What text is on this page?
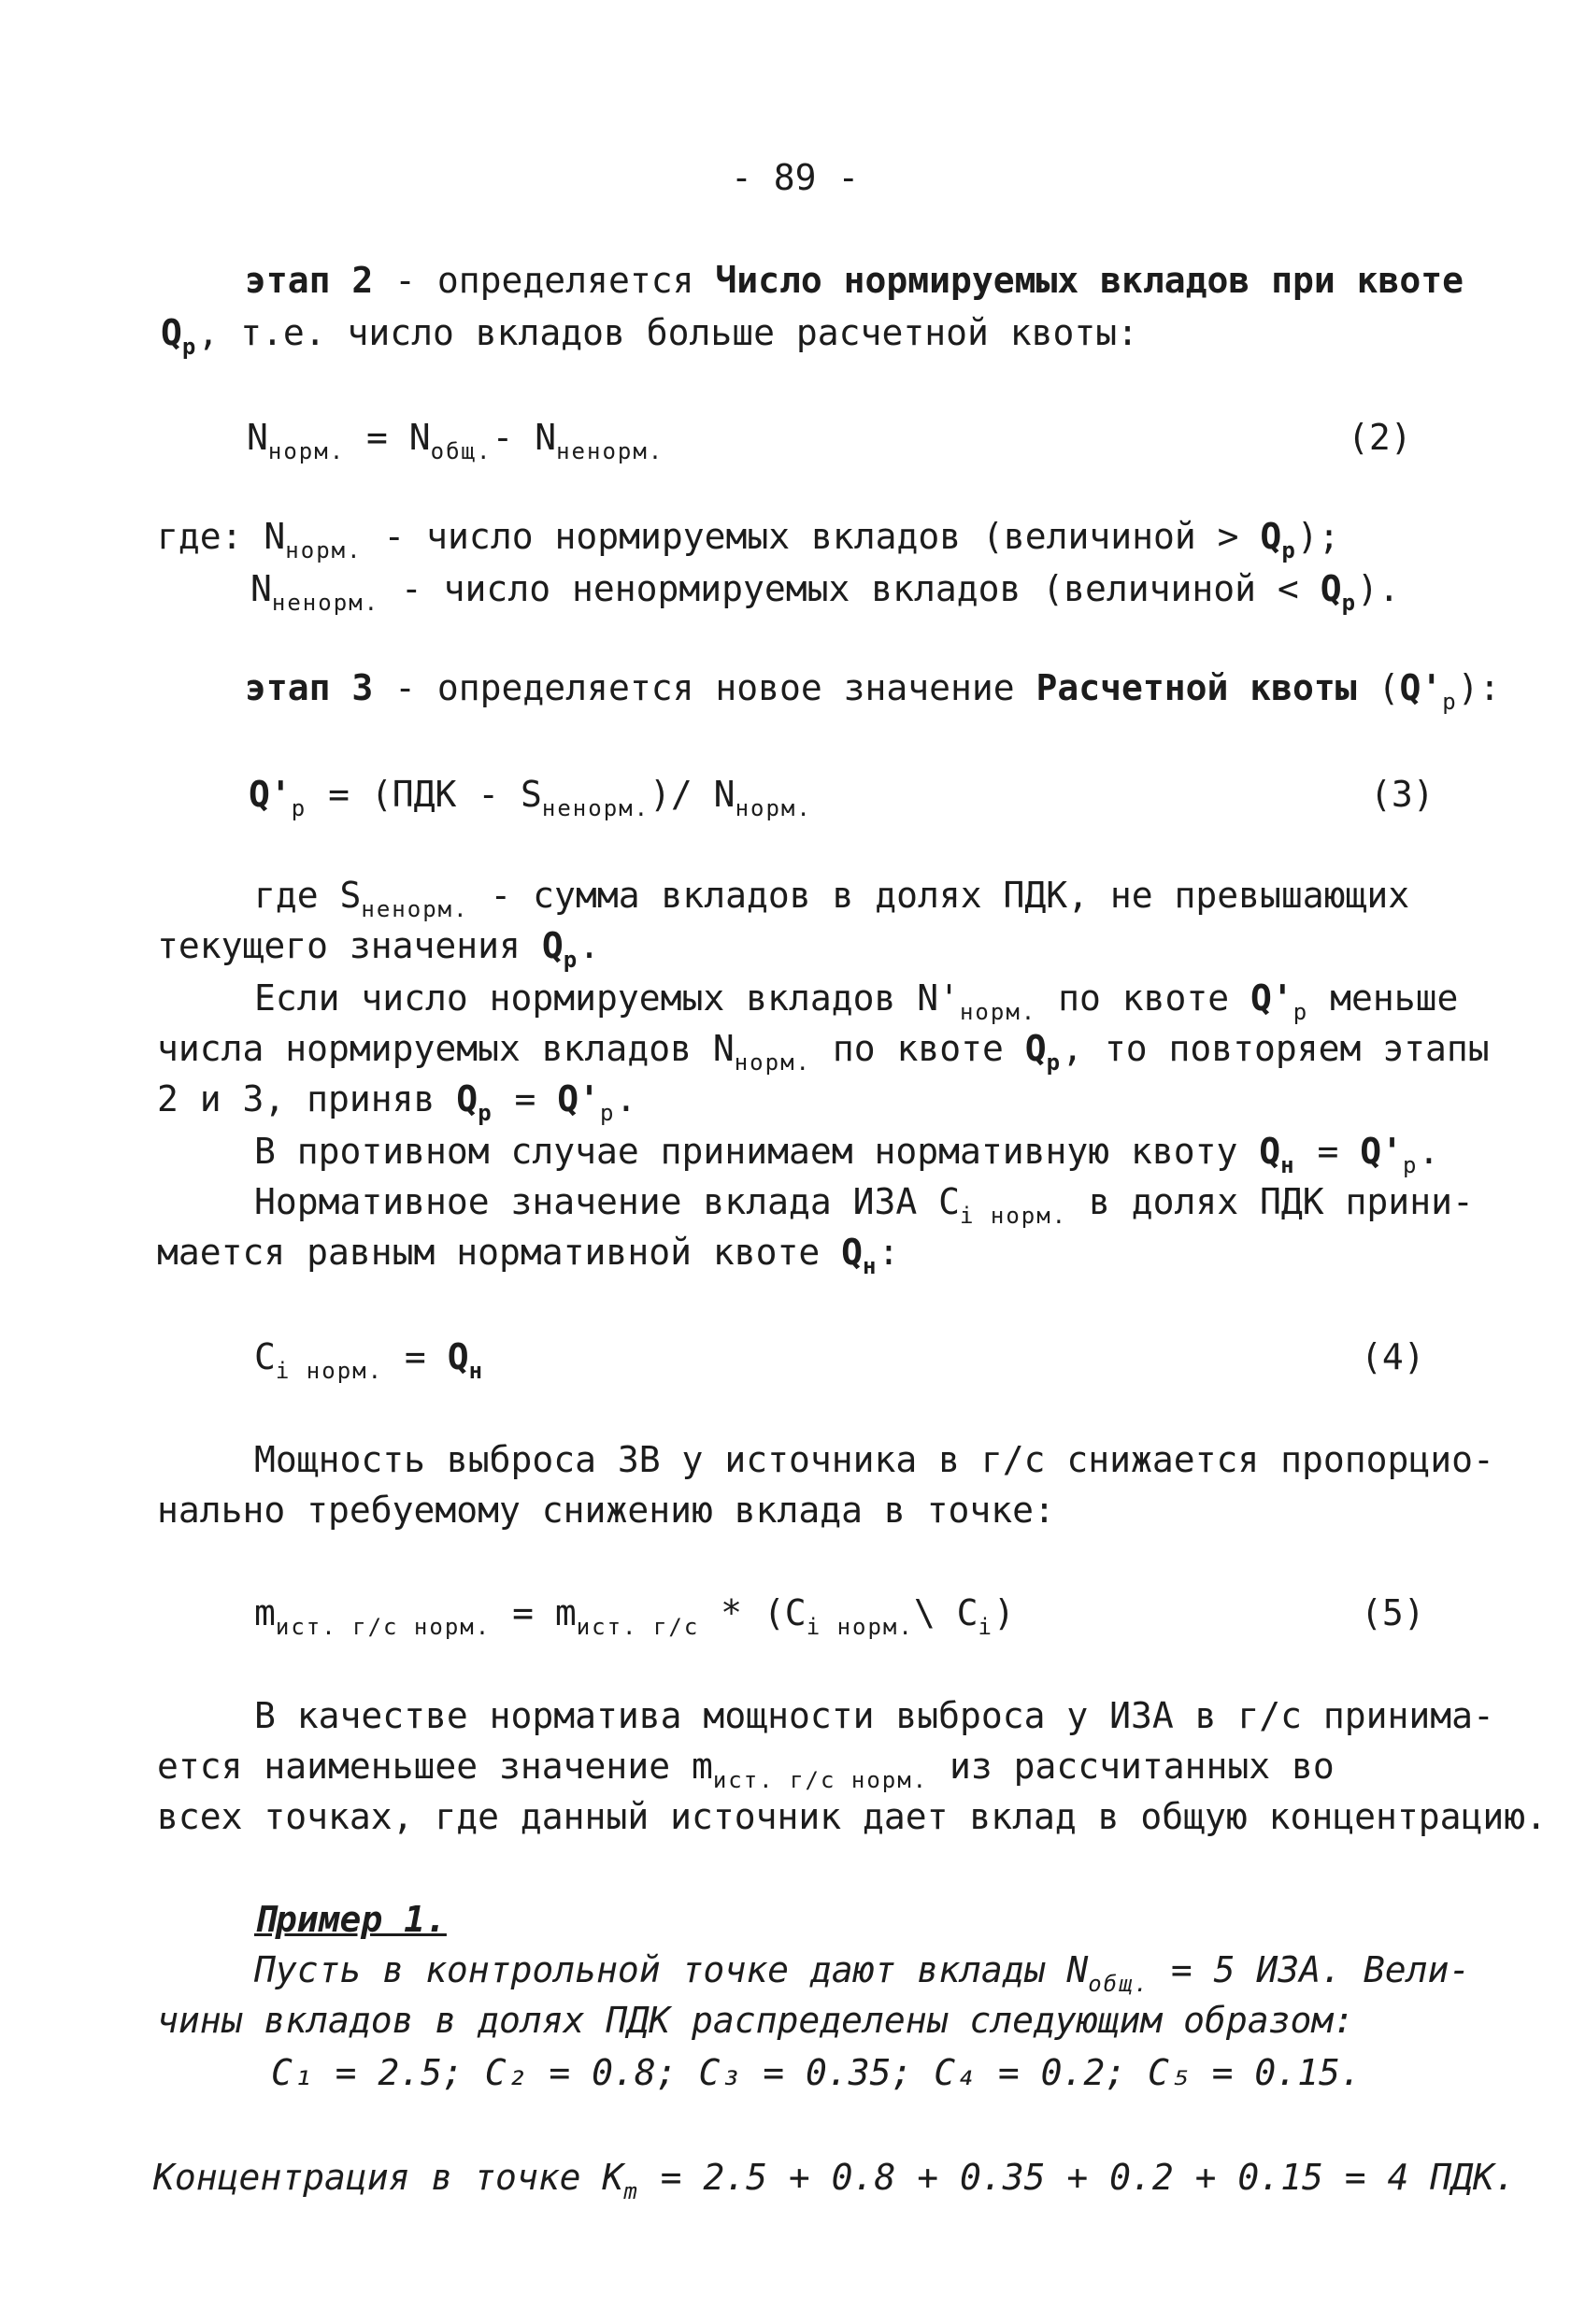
- 89 -
этап 2 - определяется Число нормируемых вкладов при квоте
$Q_р$, т.е. число вкладов больше расчетной квоты:
$N_{норм.} = N_{общ.}-$ $N_{ненорм.}$	(2)
где: $N_{норм.}$ - число нормируемых вкладов (величиной > $Q_р$);
$N_{ненорм.}$ - число ненормируемых вкладов (величиной < $Q_р$).
этап 3 - определяется новое значение Расчетной квоты $(Q'_р)$:
$Q'_р = (ПДК - S_{ненорм.})/$ $N_{норм.}$	(3)
где $S_{ненорм.}$ - сумма вкладов в долях ПДК, не превышающих
текущего значения $Q_р$.
Если число нормируемых вкладов $N'_{норм.}$ по квоте $Q'_р$ меньше
числа нормируемых вкладов $N_{норм.}$ по квоте $Q_р$, то повторяем этапы
2 и 3, приняв $Q_р = Q'_р$.
В противном случае принимаем нормативную квоту $Q_н = Q'_р$.
Нормативное значение вклада ИЗА $C_{i норм.}$ в долях ПДК прини-
мается равным нормативной квоте $Q_н$:
$C_{i норм.} = Q_н$	(4)
Мощность выброса ЗВ у источника в г/с снижается пропорцио-
нально требуемому снижению вклада в точке:
$m_{ист. г/с норм.} = m_{ист. г/с}$ * ($C_{i норм.}\backslash$ $C_i$)	(5)
В качестве норматива мощности выброса у ИЗА в г/с принима-
ется наименьшее значение $m_{ист. г/с норм.}$ из рассчитанных во
всех точках, где данный источник дает вклад в общую концентрацию.
Пример 1.
Пусть в контрольной точке дают вклады $N_{общ.} = 5$ ИЗА. Вели-
чины вкладов в долях ПДК распределены следующим образом:
C₁ = 2.5; C₂ = 0.8; C₃ = 0.35; C₄ = 0.2; C₅ = 0.15.
Концентрация в точке $K_m = 2.5 + 0.8 + 0.35 + 0.2 + 0.15 = 4$ ПДК.
